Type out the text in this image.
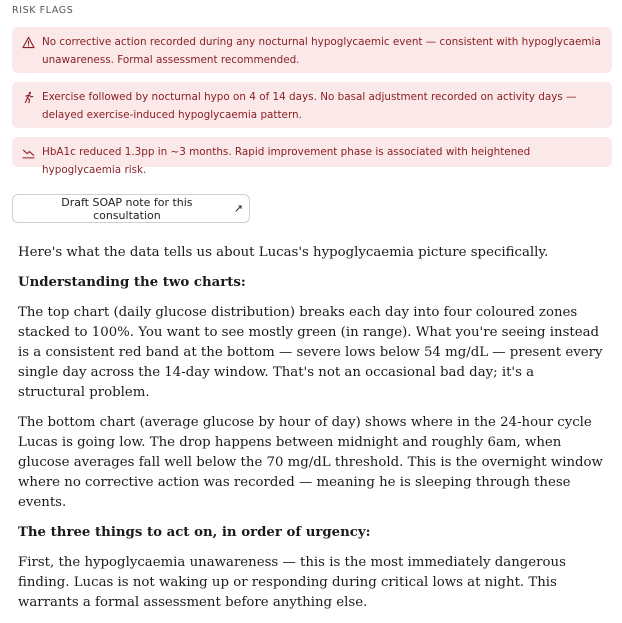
RISK FLAGS
No corrective action recorded during any nocturnal hypoglycaemic event — consistent with hypoglycaemia unawareness. Formal assessment recommended.
Exercise followed by nocturnal hypo on 4 of 14 days. No basal adjustment recorded on activity days — delayed exercise-induced hypoglycaemia pattern.
HbA1c reduced 1.3pp in ~3 months. Rapid improvement phase is associated with heightened hypoglycaemia risk.
Draft SOAP note for this consultation	↗

Here's what the data tells us about Lucas's hypoglycaemia picture specifically.

Understanding the two charts:

The top chart (daily glucose distribution) breaks each day into four coloured zones stacked to 100%. You want to see mostly green (in range). What you're seeing instead is a consistent red band at the bottom — severe lows below 54 mg/dL — present every single day across the 14-day window. That's not an occasional bad day; it's a structural problem.

The bottom chart (average glucose by hour of day) shows where in the 24-hour cycle Lucas is going low. The drop happens between midnight and roughly 6am, when glucose averages fall well below the 70 mg/dL threshold. This is the overnight window where no corrective action was recorded — meaning he is sleeping through these events.

The three things to act on, in order of urgency:

First, the hypoglycaemia unawareness — this is the most immediately dangerous finding. Lucas is not waking up or responding during critical lows at night. This warrants a formal assessment before anything else.
